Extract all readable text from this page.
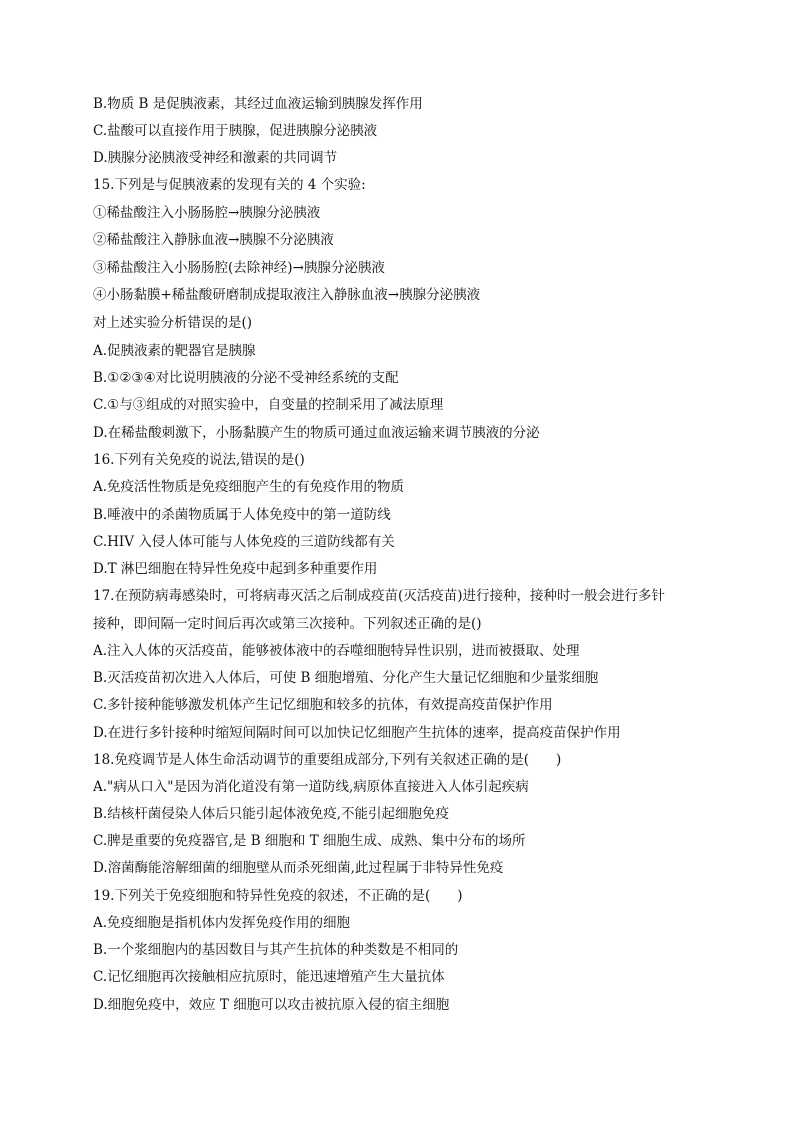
B.物质 B 是促胰液素，其经过血液运输到胰腺发挥作用
C.盐酸可以直接作用于胰腺，促进胰腺分泌胰液
D.胰腺分泌胰液受神经和激素的共同调节
15.下列是与促胰液素的发现有关的 4 个实验:
①稀盐酸注入小肠肠腔→胰腺分泌胰液
②稀盐酸注入静脉血液→胰腺不分泌胰液
③稀盐酸注入小肠肠腔(去除神经)→胰腺分泌胰液
④小肠黏膜+稀盐酸研磨制成提取液注入静脉血液→胰腺分泌胰液
对上述实验分析错误的是()
A.促胰液素的靶器官是胰腺
B.①②③④对比说明胰液的分泌不受神经系统的支配
C.①与③组成的对照实验中，自变量的控制采用了减法原理
D.在稀盐酸刺激下，小肠黏膜产生的物质可通过血液运输来调节胰液的分泌
16.下列有关免疫的说法,错误的是()
A.免疫活性物质是免疫细胞产生的有免疫作用的物质
B.唾液中的杀菌物质属于人体免疫中的第一道防线
C.HIV 入侵人体可能与人体免疫的三道防线都有关
D.T 淋巴细胞在特异性免疫中起到多种重要作用
17.在预防病毒感染时，可将病毒灭活之后制成疫苗(灭活疫苗)进行接种，接种时一般会进行多针
接种，即间隔一定时间后再次或第三次接种。下列叙述正确的是()
A.注入人体的灭活疫苗，能够被体液中的吞噬细胞特异性识别，进而被摄取、处理
B.灭活疫苗初次进入人体后，可使 B 细胞增殖、分化产生大量记忆细胞和少量浆细胞
C.多针接种能够激发机体产生记忆细胞和较多的抗体，有效提高疫苗保护作用
D.在进行多针接种时缩短间隔时间可以加快记忆细胞产生抗体的速率，提高疫苗保护作用
18.免疫调节是人体生命活动调节的重要组成部分,下列有关叙述正确的是(　　)
A."病从口入"是因为消化道没有第一道防线,病原体直接进入人体引起疾病
B.结核杆菌侵染人体后只能引起体液免疫,不能引起细胞免疫
C.脾是重要的免疫器官,是 B 细胞和 T 细胞生成、成熟、集中分布的场所
D.溶菌酶能溶解细菌的细胞壁从而杀死细菌,此过程属于非特异性免疫
19.下列关于免疫细胞和特异性免疫的叙述，不正确的是(　　)
A.免疫细胞是指机体内发挥免疫作用的细胞
B.一个浆细胞内的基因数目与其产生抗体的种类数是不相同的
C.记忆细胞再次接触相应抗原时，能迅速增殖产生大量抗体
D.细胞免疫中，效应 T 细胞可以攻击被抗原入侵的宿主细胞
